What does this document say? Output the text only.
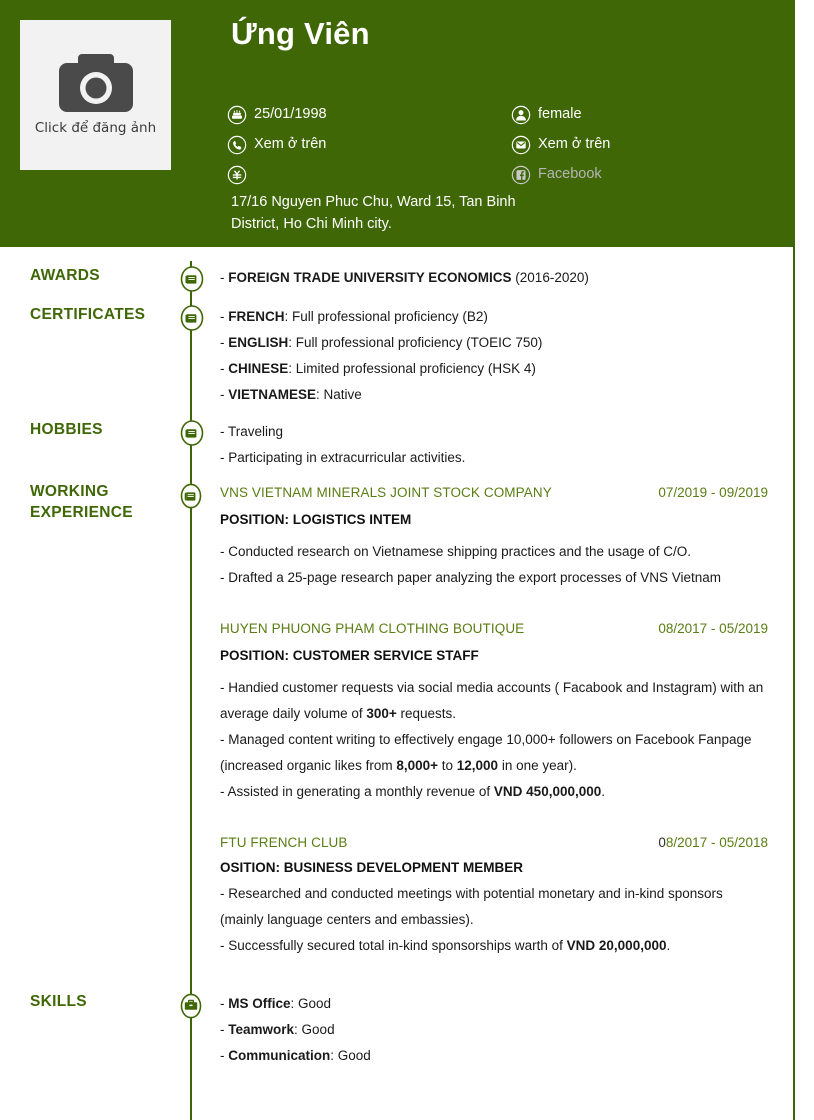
Click để đăng ảnh
Ứng Viên
25/01/1998
Xem ở trên
17/16 Nguyen Phuc Chu, Ward 15, Tan Binh District, Ho Chi Minh city.
female
Xem ở trên
Facebook
AWARDS	- FOREIGN TRADE UNIVERSITY ECONOMICS (2016-2020)
CERTIFICATES	- FRENCH: Full professional proficiency (B2)
- ENGLISH: Full professional proficiency (TOEIC 750)
- CHINESE: Limited professional proficiency (HSK 4)
- VIETNAMESE: Native
HOBBIES	- Traveling
- Participating in extracurricular activities.
WORKING
EXPERIENCE
VNS VIETNAM MINERALS JOINT STOCK COMPANY	07/2019 - 09/2019
POSITION: LOGISTICS INTEM
- Conducted research on Vietnamese shipping practices and the usage of C/O.
- Drafted a 25-page research paper analyzing the export processes of VNS Vietnam
HUYEN PHUONG PHAM CLOTHING BOUTIQUE	08/2017 - 05/2019
POSITION: CUSTOMER SERVICE STAFF
- Handied customer requests via social media accounts ( Facabook and Instagram) with an average daily volume of 300+ requests.
- Managed content writing to effectively engage 10,000+ followers on Facebook Fanpage (increased organic likes from 8,000+ to 12,000 in one year).
- Assisted in generating a monthly revenue of VND 450,000,000.
FTU FRENCH CLUB	08/2017 - 05/2018
OSITION: BUSINESS DEVELOPMENT MEMBER
- Researched and conducted meetings with potential monetary and in-kind sponsors (mainly language centers and embassies).
- Successfully secured total in-kind sponsorships warth of VND 20,000,000.
SKILLS	- MS Office: Good
- Teamwork: Good
- Communication: Good
